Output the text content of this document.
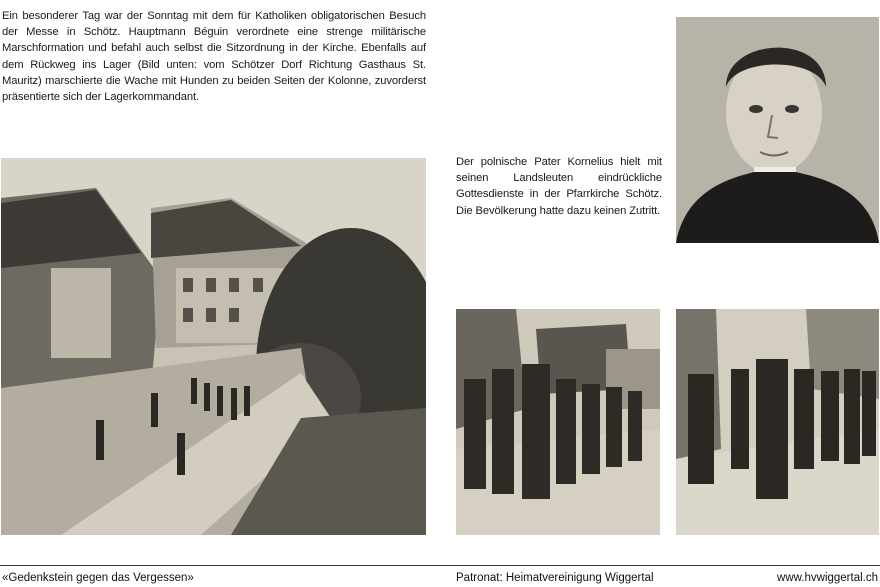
Ein besonderer Tag war der Sonntag mit dem für Katholiken obligatorischen Besuch der Messe in Schötz. Hauptmann Béguin verordnete eine strenge militärische Marschformation und befahl auch selbst die Sitzordnung in der Kirche. Ebenfalls auf dem Rückweg ins Lager (Bild unten: vom Schötzer Dorf Richtung Gasthaus St. Mauritz) marschierte die Wache mit Hunden zu beiden Seiten der Kolonne, zuvorderst präsentierte sich der Lagerkommandant.
Der polnische Pater Kornelius hielt mit seinen Landsleuten eindrückliche Gottesdienste in der Pfarrkirche Schötz. Die Bevölkerung hatte dazu keinen Zutritt.
«Gedenkstein gegen das Vergessen»	Patronat: Heimatvereinigung Wiggertal	www.hvwiggertal.ch
